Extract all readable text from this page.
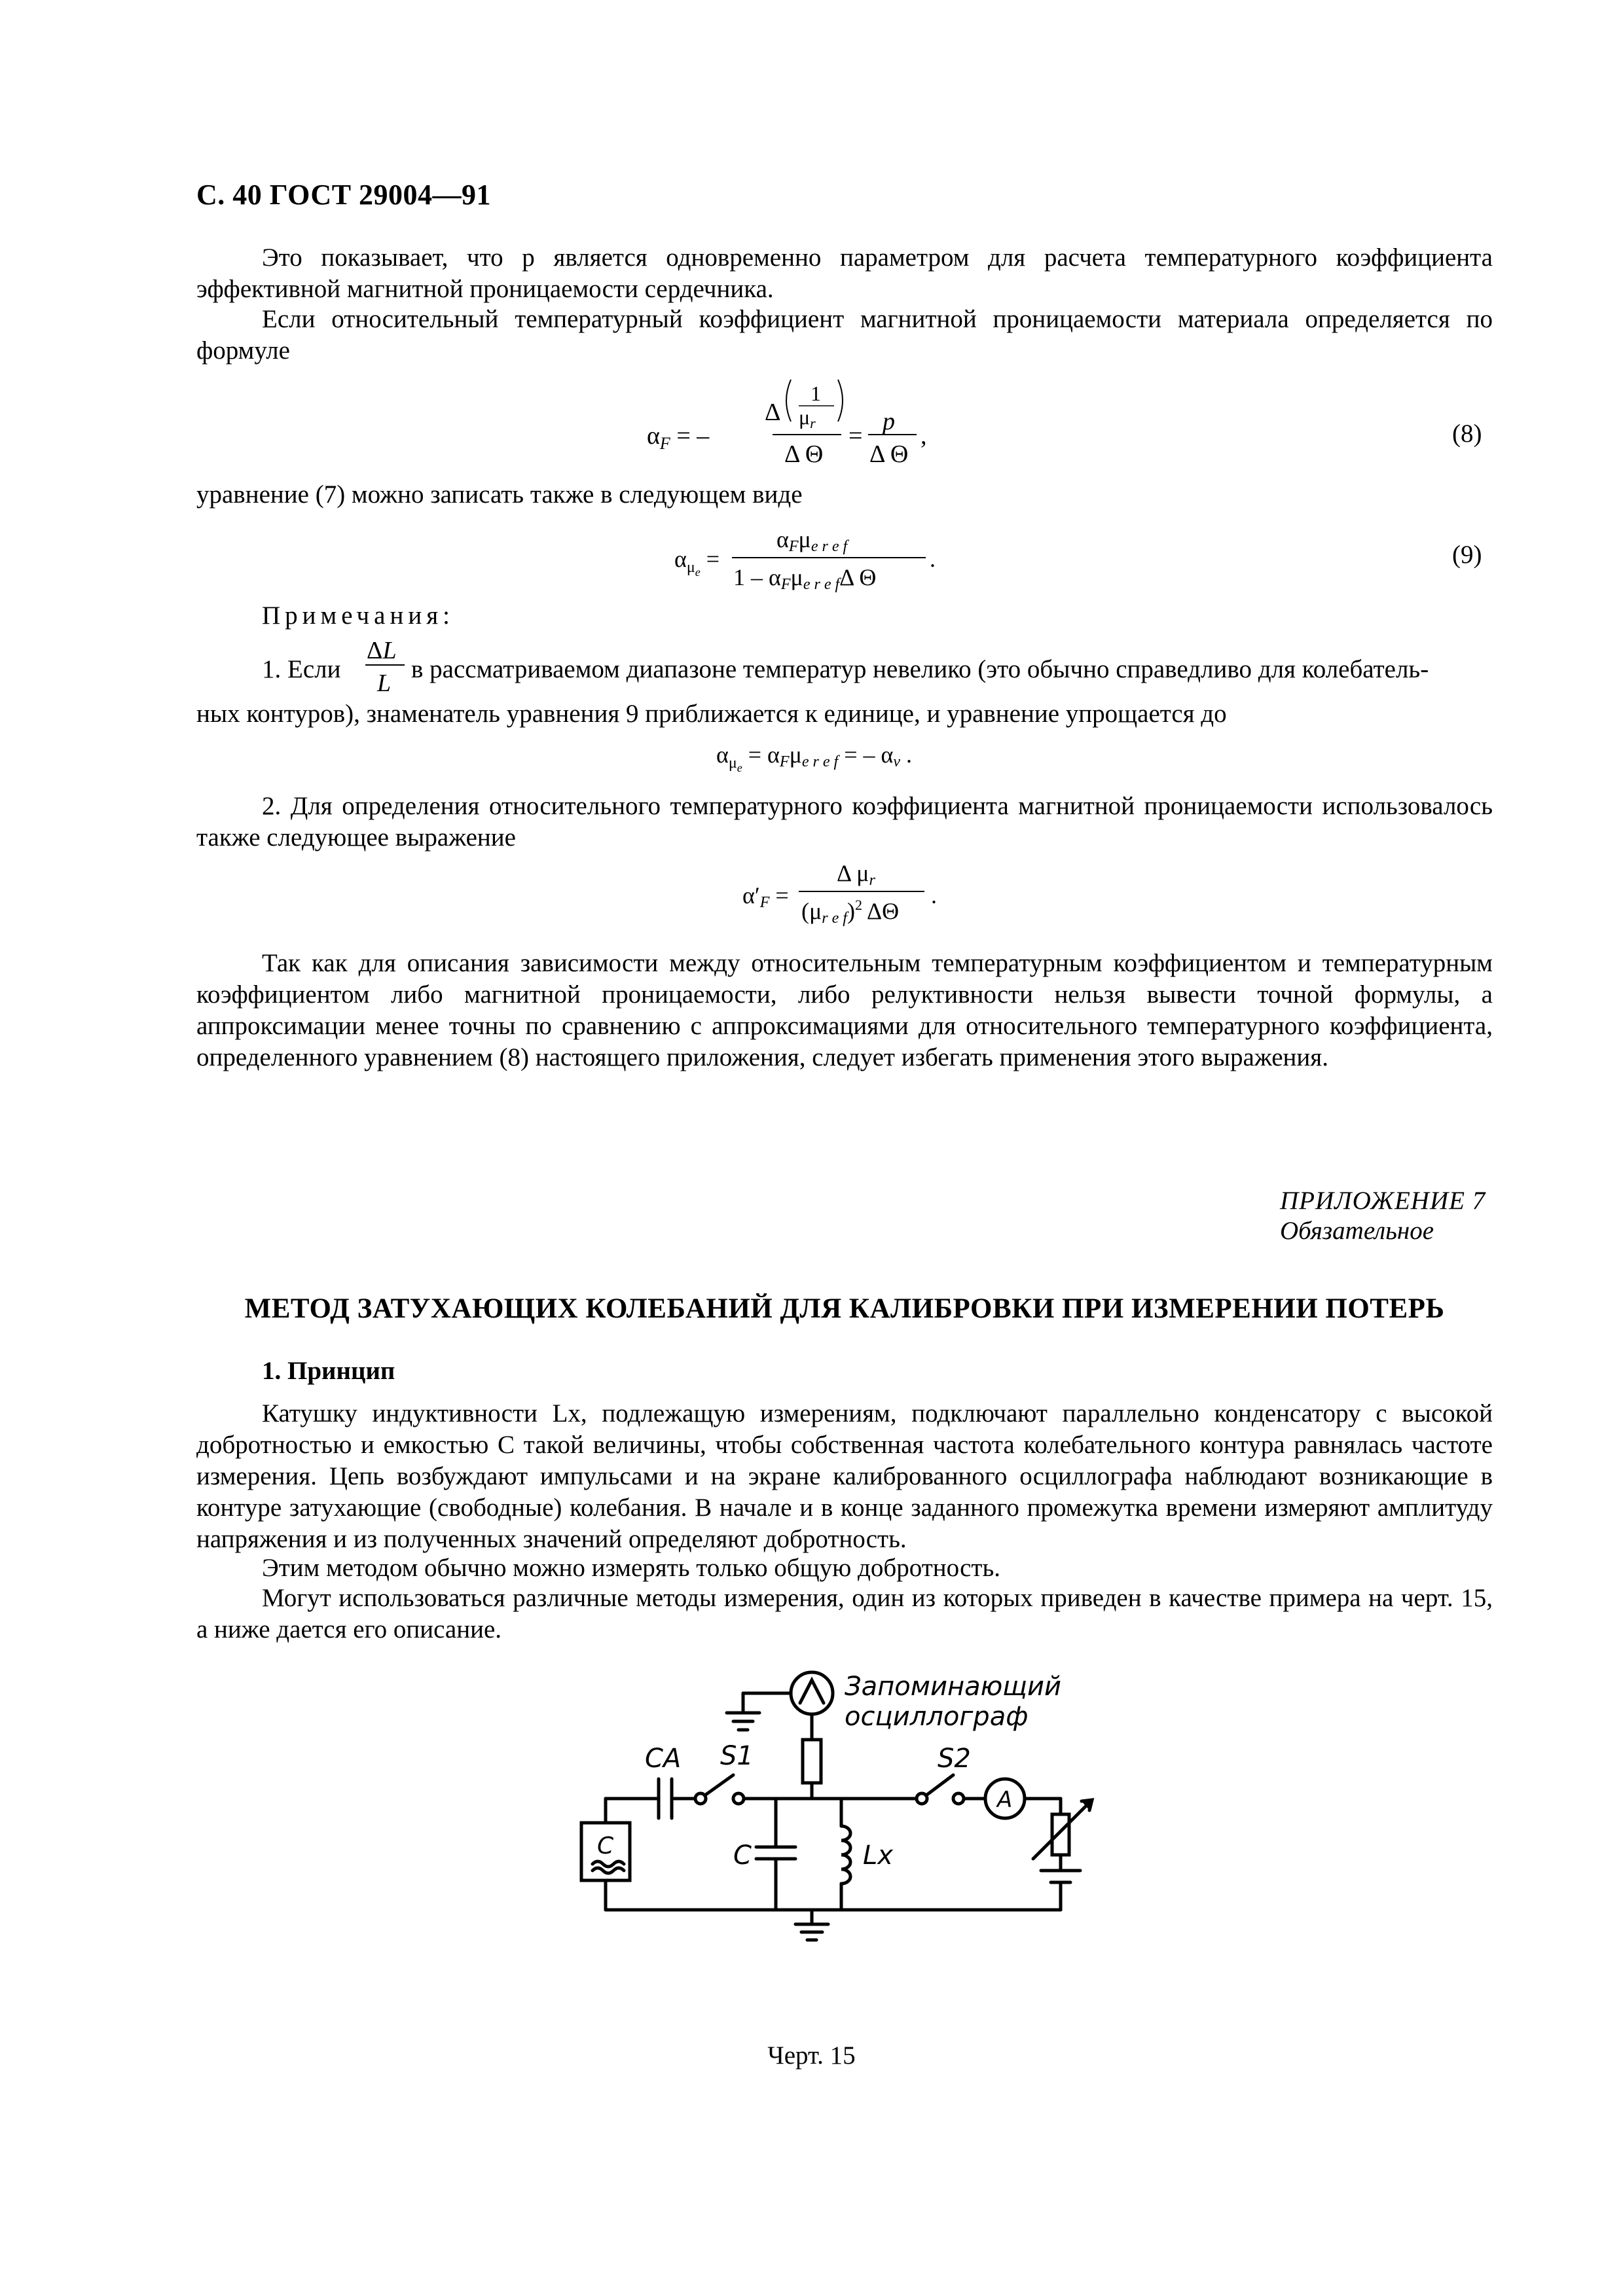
С. 40 ГОСТ 29004—91

Это показывает, что p является одновременно параметром для расчета температурного коэффициента эффективной магнитной проницаемости сердечника.

Если относительный температурный коэффициент магнитной проницаемости материала определяется по формуле

$\alpha_F$ = –
Δ
1
μr
Δ Θ
=
p
Δ Θ
,	(8)

уравнение (7) можно записать также в следующем виде

$\alpha_\mu e$ =
αFμe r e f
1 – αFμe r e fΔ Θ
.	(9)
Примечания:
1. Если
ΔL
L в рассматриваемом диапазоне температур невелико (это обычно справедливо для колебатель-
ных контуров), знаменатель уравнения 9 приближается к единице, и уравнение упрощается до
$\alpha_\mu e = \alpha F\mu e$ r e f = – αv .

2. Для определения относительного температурного коэффициента магнитной проницаемости использовалось также следующее выражение

α′F =
Δ μr
(μr e f)$^2$ ΔΘ
.

Так как для описания зависимости между относительным температурным коэффициентом и температурным коэффициентом либо магнитной проницаемости, либо релуктивности нельзя вывести точной формулы, а аппроксимации менее точны по сравнению с аппроксимациями для относительного температурного коэффициента, определенного уравнением (8) настоящего приложения, следует избегать применения этого выражения.

ПРИЛОЖЕНИЕ 7
Обязательное
МЕТОД ЗАТУХАЮЩИХ КОЛЕБАНИЙ ДЛЯ КАЛИБРОВКИ ПРИ ИЗМЕРЕНИИ ПОТЕРЬ
1. Принцип

Катушку индуктивности Lx, подлежащую измерениям, подключают параллельно конденсатору с высокой добротностью и емкостью C такой величины, чтобы собственная частота колебательного контура равнялась частоте измерения. Цепь возбуждают импульсами и на экране калиброванного осциллографа наблюдают возникающие в контуре затухающие (свободные) колебания. В начале и в конце заданного промежутка времени измеряют амплитуду напряжения и из полученных значений определяют добротность.

Этим методом обычно можно измерять только общую добротность.

Могут использоваться различные методы измерения, один из которых приведен в качестве примера на черт. 15, а ниже дается его описание.

Запоминающий
осциллограф
CA S1	S2
C	Lx
C
A
Черт. 15
